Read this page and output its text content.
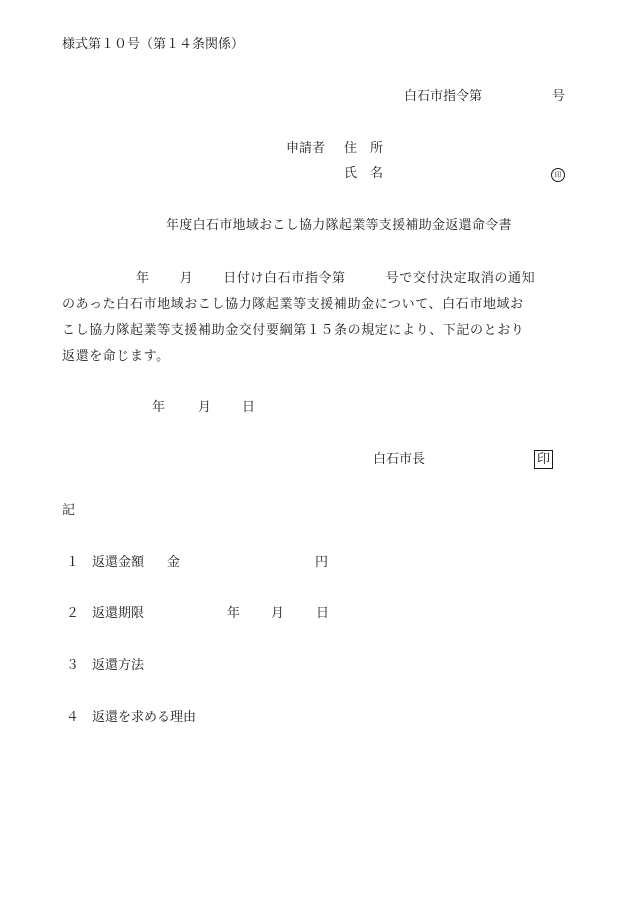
様式第１０号（第１４条関係）
白石市指令第	号
申請者 住　所
氏　名	印
年度白石市地域おこし協力隊起業等支援補助金返還命令書
年 月 日付け白石市指令第	号で交付決定取消の通知
のあった白石市地域おこし協力隊起業等支援補助金について、白石市地域お
こし協力隊起業等支援補助金交付要綱第１５条の規定により、下記のとおり
返還を命じます。
年	月 日
白石市長	印
記
１ 返還金額 金	円
２ 返還期限	年 月 日
３ 返還方法
４ 返還を求める理由
